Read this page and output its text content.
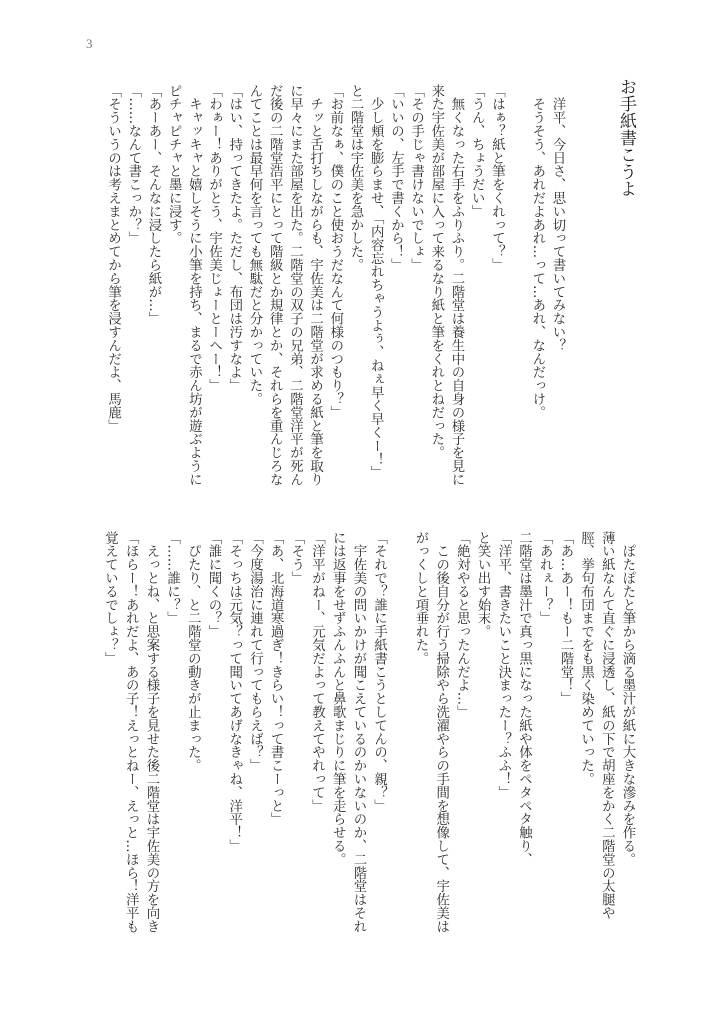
3
お手紙書こうよ
　洋平、今日さ、思い切って書いてみない？
　そうそう、あれだよあれ…って…あれ、なんだっけ。
「はぁ？紙と筆をくれって？」
「うん、ちょうだい」
　無くなった右手をふりふり。二階堂は養生中の自身の様子を見に
来た宇佐美が部屋に入って来るなり紙と筆をくれとねだった。
「その手じゃ書けないでしょ」
「いいの、左手で書くから！」
　少し頬を膨らませ、「内容忘れちゃうよぅ、ねぇ早く早くー！」
と二階堂は宇佐美を急かした。
「お前なぁ、僕のこと使おうだなんて何様のつもり？」
　チッと舌打ちしながらも、宇佐美は二階堂が求める紙と筆を取り
に早々にまた部屋を出た。二階堂の双子の兄弟、二階堂洋平が死ん
だ後の二階堂浩平にとって階級とか規律とか、それらを重んじろな
んてことは最早何を言っても無駄だと分かっていた。
「はい、持ってきたよ。ただし、布団は汚すなよ」
「わぁー！ありがとう、宇佐美じょーとーへー！」
　キャッキャと嬉しそうに小筆を持ち、まるで赤ん坊が遊ぶように
ピチャピチャと墨に浸す。
「あーあー、そんなに浸したら紙が…」
「……なんて書こっか？」
「そういうのは考えまとめてから筆を浸すんだよ、馬鹿」
　ぽたぽたと筆から滴る墨汁が紙に大きな滲みを作る。
薄い紙なんて直ぐに浸透し、紙の下で胡座をかく二階堂の太腿や
脛、挙句布団までをも黒く染めていった。
「あ…あー！もー二階堂！」
「あれぇー？」
二階堂は墨汁で真っ黒になった紙や体をペタペタ触り、
「洋平、書きたいこと決まったー？ふふ！」
と笑い出す始末。
「絶対やると思ったんだよ…」
　この後自分が行う掃除やら洗濯やらの手間を想像して、宇佐美は
がっくしと項垂れた。
「それで？誰に手紙書こうとしてんの、親？」
　宇佐美の問いかけが聞こえているのかいないのか、二階堂はそれ
には返事をせずふんふんと鼻歌まじりに筆を走らせる。
「洋平がねー、元気だよって教えてやれって」
「そう」
「あ、北海道寒過ぎ！きらい！って書こーっと」
「今度湯治に連れて行ってもらえば？」
「そっちは元気？って聞いてあげなきゃね、洋平！」
「誰に聞くの？」
　ぴたり、と二階堂の動きが止まった。
「……誰に？」
　えっとね、と思案する様子を見せた後二階堂は宇佐美の方を向き
「ほらー！あれだよ、あの子！えっとねー、えっと…ほら！洋平も
覚えているでしょ？」
